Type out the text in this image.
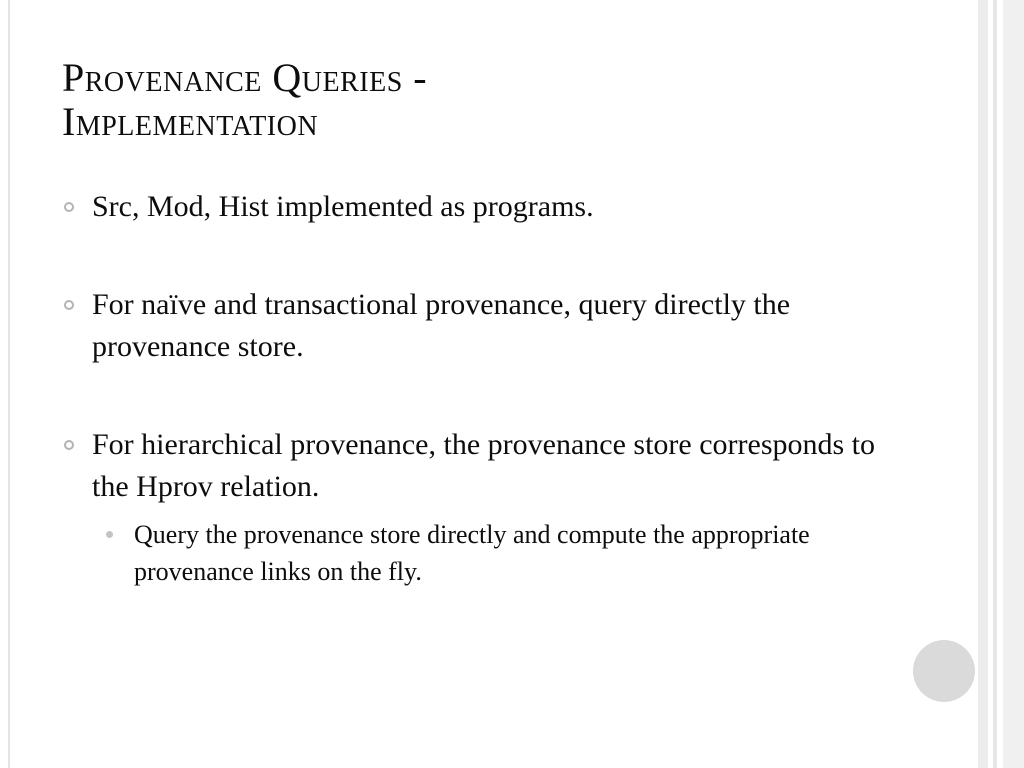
Provenance Queries -
Implementation
Src, Mod, Hist implemented as programs.
For naïve and transactional provenance, query directly the provenance store.
For hierarchical provenance, the provenance store corresponds to the Hprov relation.
Query the provenance store directly and compute the appropriate provenance links on the fly.
